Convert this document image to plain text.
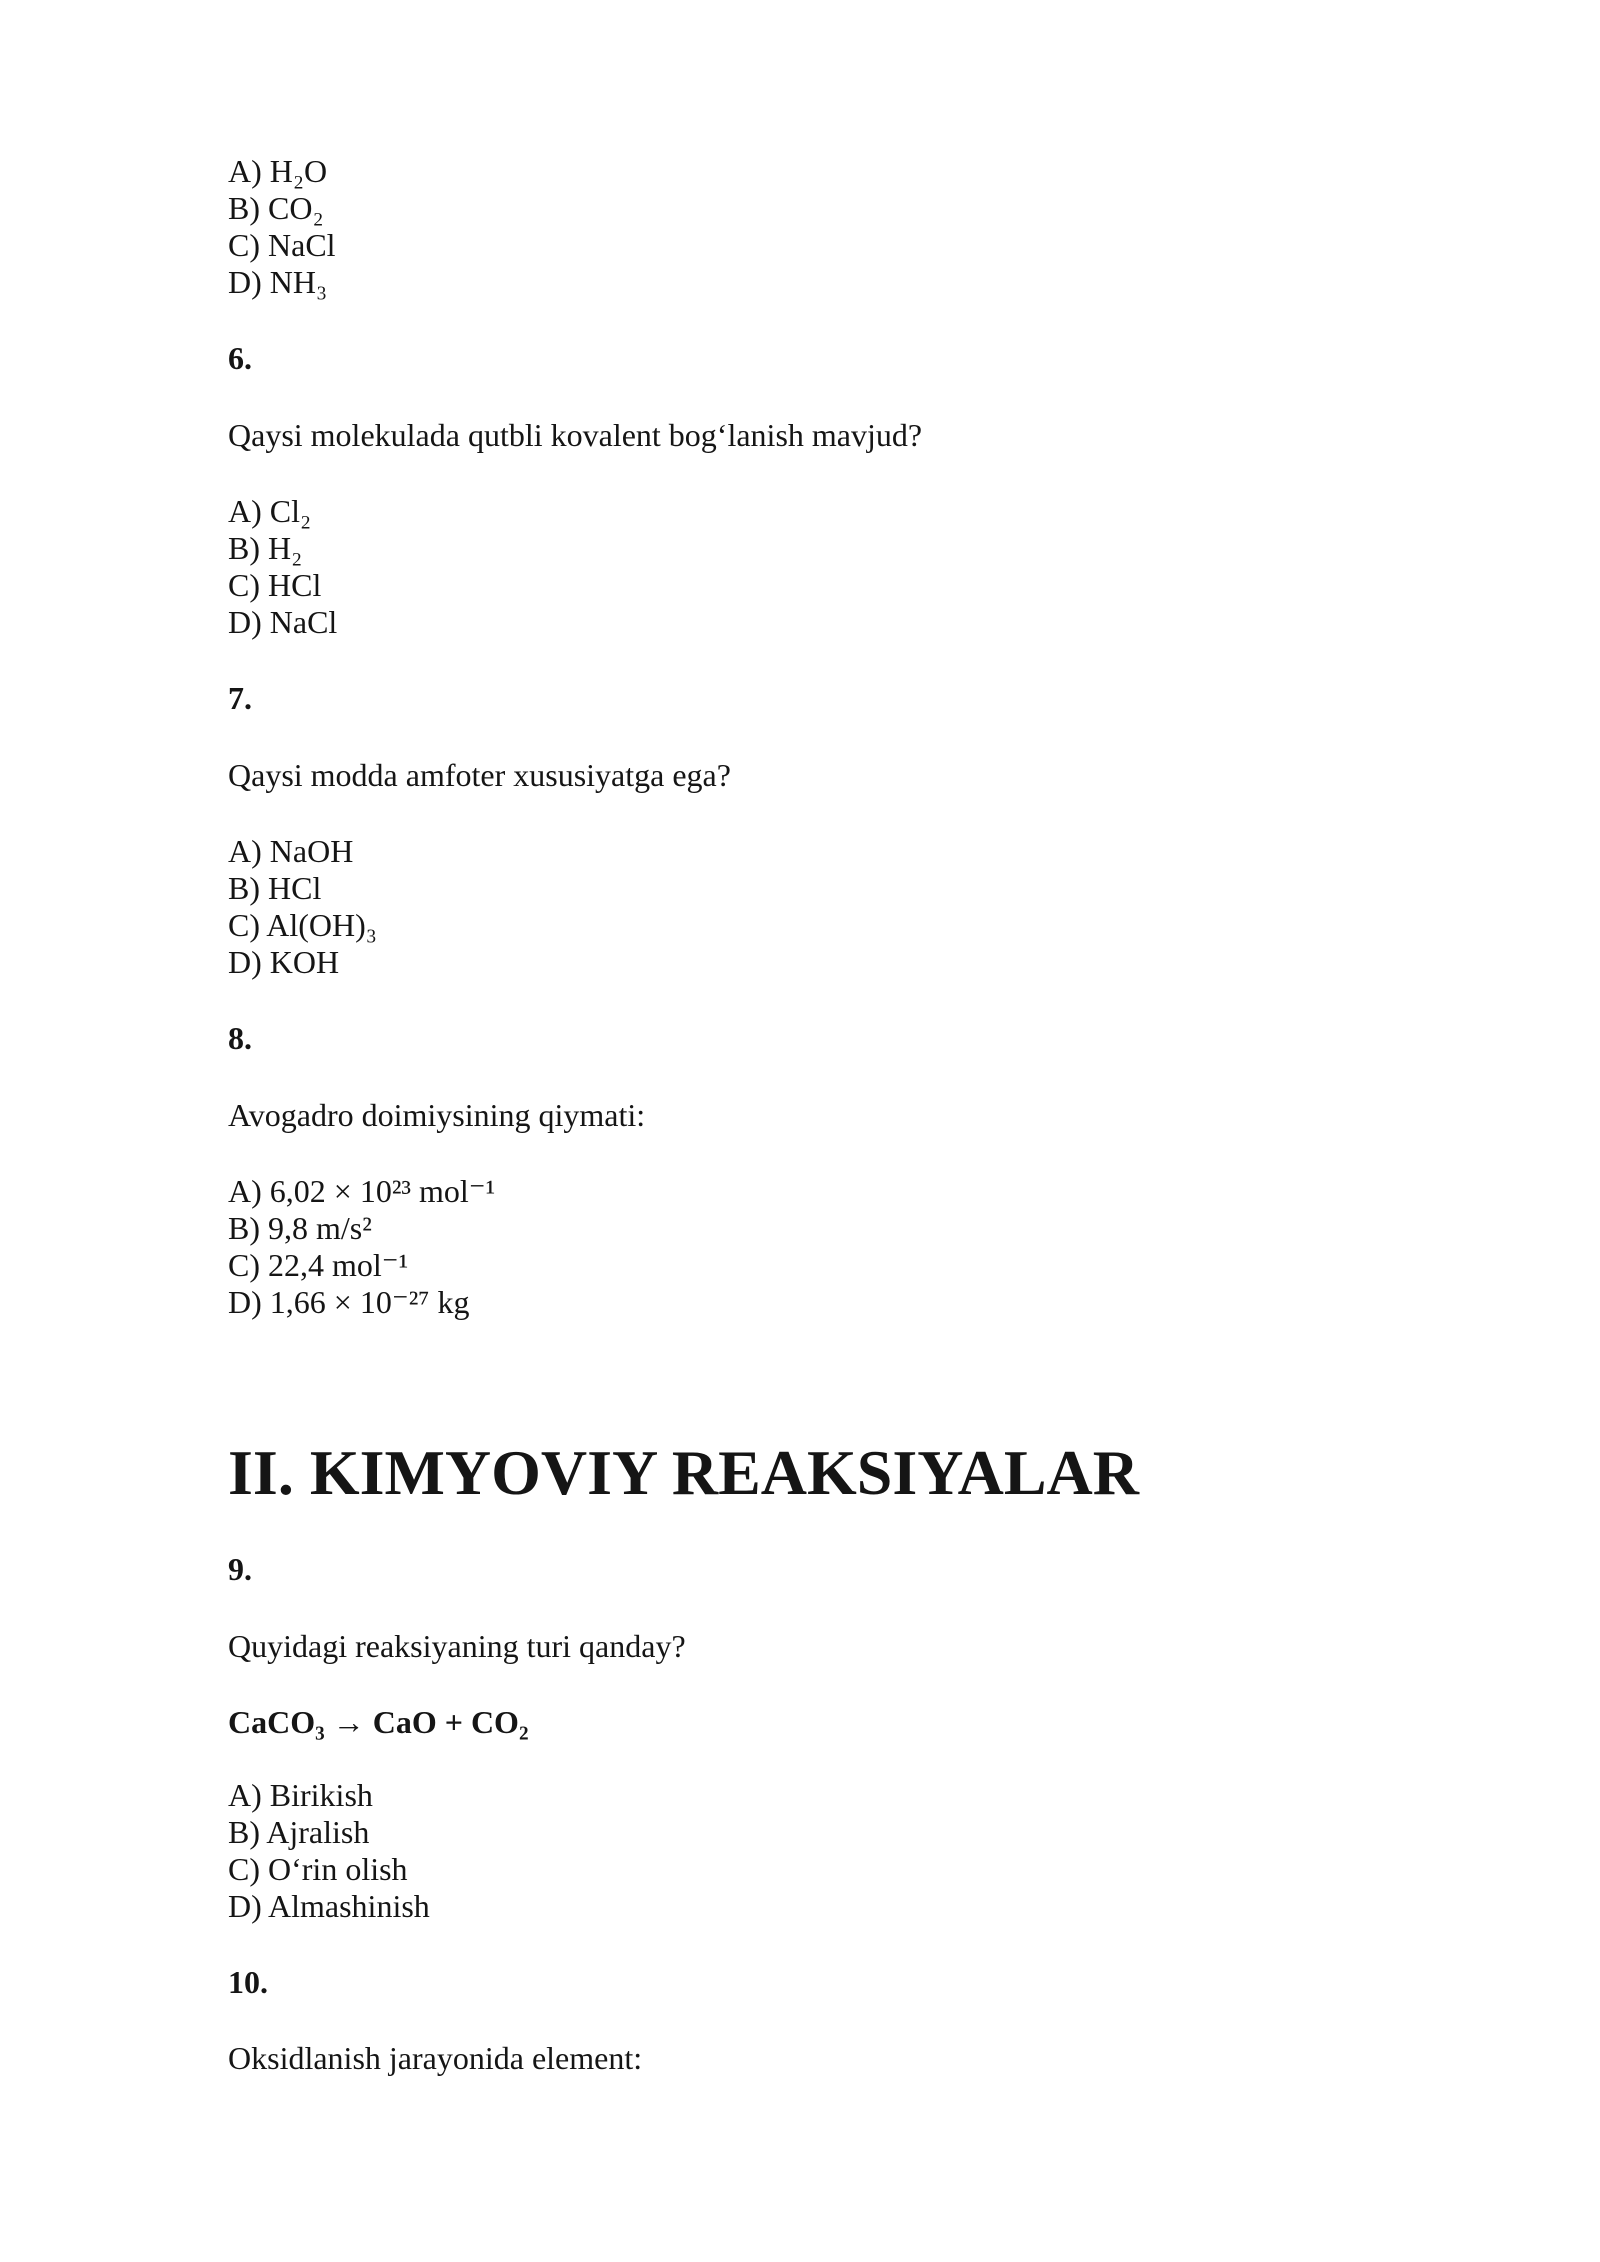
A) H₂O
B) CO₂
C) NaCl
D) NH₃
6.
Qaysi molekulada qutbli kovalent bog‘lanish mavjud?
A) Cl₂
B) H₂
C) HCl
D) NaCl
7.
Qaysi modda amfoter xususiyatga ega?
A) NaOH
B) HCl
C) Al(OH)₃
D) KOH
8.
Avogadro doimiysining qiymati:
A) 6,02 × 10²³ mol⁻¹
B) 9,8 m/s²
C) 22,4 mol⁻¹
D) 1,66 × 10⁻²⁷ kg
II. KIMYOVIY REAKSIYALAR
9.
Quyidagi reaksiyaning turi qanday?
CaCO₃ → CaO + CO₂
A) Birikish
B) Ajralish
C) O‘rin olish
D) Almashinish
10.
Oksidlanish jarayonida element:
